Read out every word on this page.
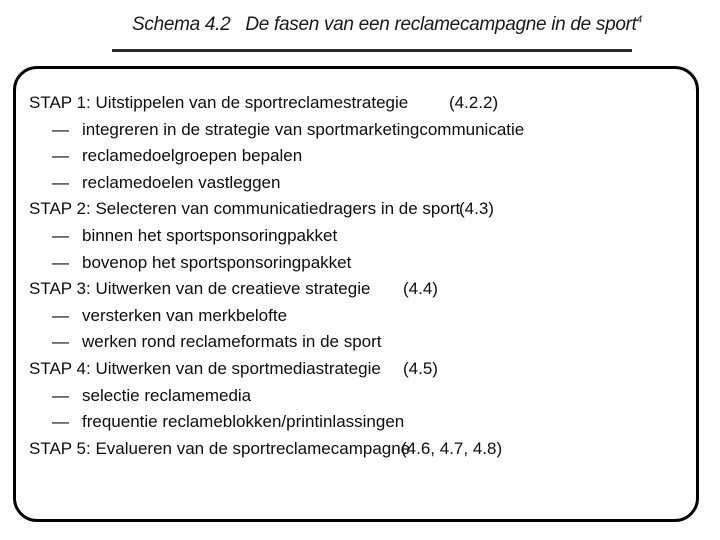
Schema 4.2 De fasen van een reclamecampagne in de sport$^4$
STAP 1: Uitstippelen van de sportreclamestrategie (4.2.2)
— integreren in de strategie van sportmarketingcommunicatie
— reclamedoelgroepen bepalen
— reclamedoelen vastleggen
STAP 2: Selecteren van communicatiedragers in de sport
(4.3)
— binnen het sportsponsoringpakket
— bovenop het sportsponsoringpakket
STAP 3: Uitwerken van de creatieve strategie (4.4)
— versterken van merkbelofte
— werken rond reclameformats in de sport
STAP 4: Uitwerken van de sportmediastrategie (4.5)
— selectie reclamemedia
— frequentie reclameblokken/printinlassingen
STAP 5: Evalueren van de sportreclamecampagne
(4.6, 4.7, 4.8)
